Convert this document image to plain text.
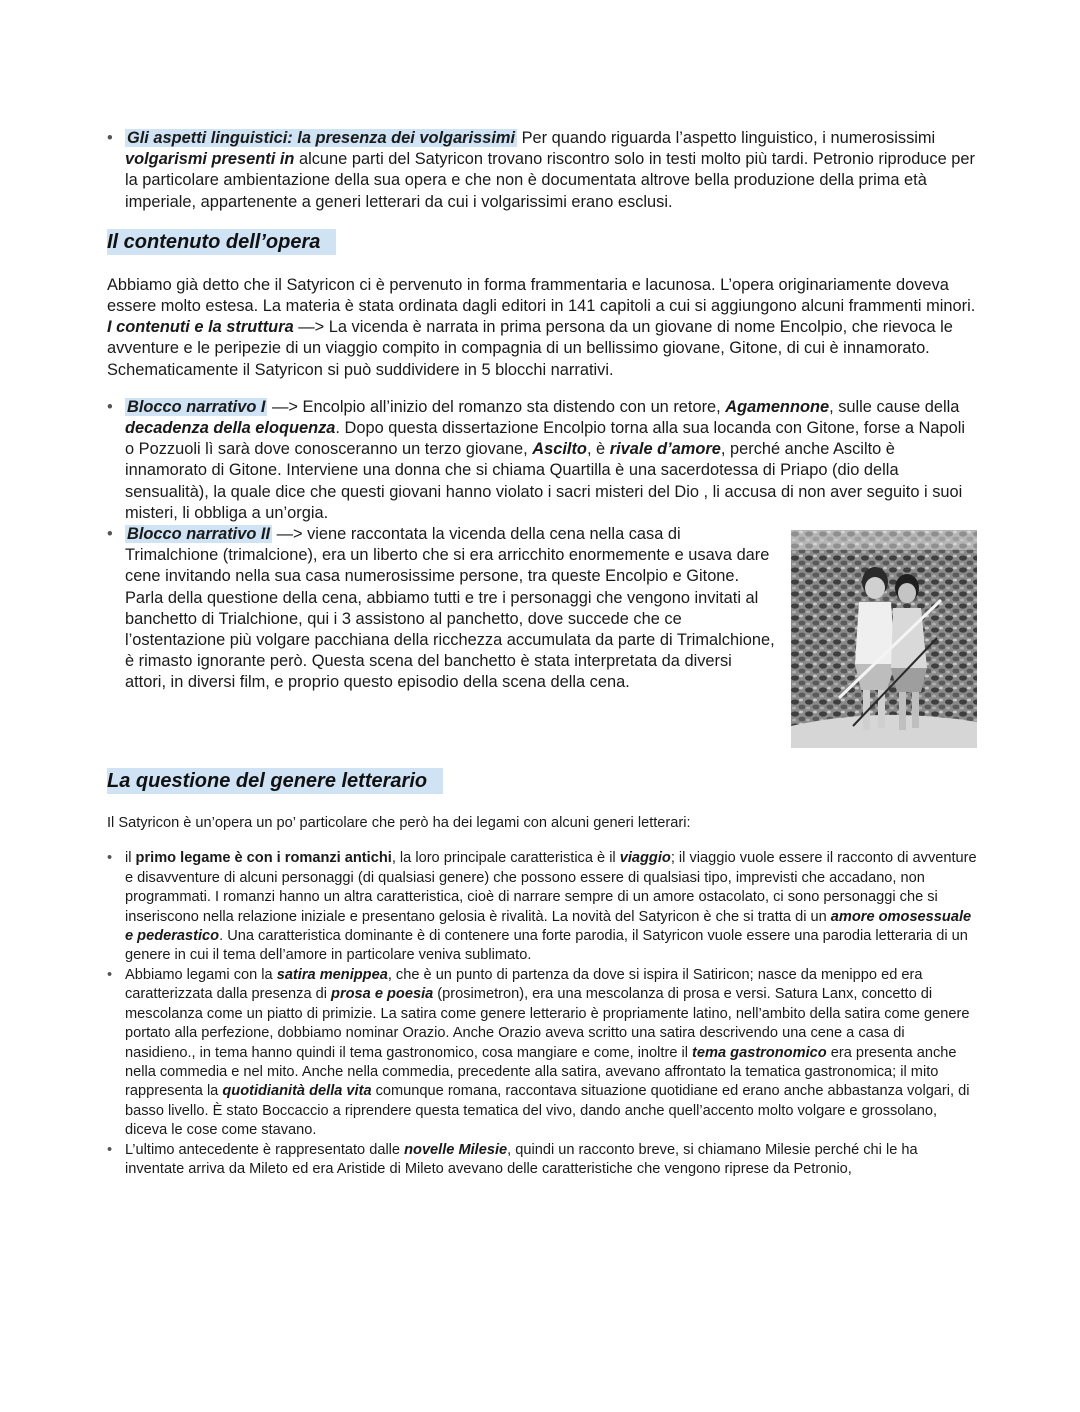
• Gli aspetti linguistici: la presenza dei volgarissimi Per quando riguarda l’aspetto linguistico, i numerosissimi volgarismi presenti in alcune parti del Satyricon trovano riscontro solo in testi molto più tardi. Petronio riproduce per la particolare ambientazione della sua opera e che non è documentata altrove bella produzione della prima età imperiale, appartenente a generi letterari da cui i volgarissimi erano esclusi.
Il contenuto dell’opera

Abbiamo già detto che il Satyricon ci è pervenuto in forma frammentaria e lacunosa. L’opera originariamente doveva essere molto estesa. La materia è stata ordinata dagli editori in 141 capitoli a cui si aggiungono alcuni frammenti minori.

I contenuti e la struttura —> La vicenda è narrata in prima persona da un giovane di nome Encolpio, che rievoca le avventure e le peripezie di un viaggio compito in compagnia di un bellissimo giovane, Gitone, di cui è innamorato.

Schematicamente il Satyricon si può suddividere in 5 blocchi narrativi.

• Blocco narrativo I —> Encolpio all’inizio del romanzo sta distendo con un retore, Agamennone, sulle cause della decadenza della eloquenza. Dopo questa dissertazione Encolpio torna alla sua locanda con Gitone, forse a Napoli o Pozzuoli lì sarà dove conosceranno un terzo giovane, Ascilto, è rivale d’amore, perché anche Ascilto è innamorato di Gitone. Interviene una donna che si chiama Quartilla è una sacerdotessa di Priapo (dio della sensualità), la quale dice che questi giovani hanno violato i sacri misteri del Dio , li accusa di non aver seguito i suoi misteri, li obbliga a un’orgia.
• Blocco narrativo II —> viene raccontata la vicenda della cena nella casa di Trimalchione (trimalcione), era un liberto che si era arricchito enormemente e usava dare cene invitando nella sua casa numerosissime persone, tra queste Encolpio e Gitone. Parla della questione della cena, abbiamo tutti e tre i personaggi che vengono invitati al banchetto di Trialchione, qui i 3 assistono al panchetto, dove succede che ce l’ostentazione più volgare pacchiana della ricchezza accumulata da parte di Trimalchione, è rimasto ignorante però. Questa scena del banchetto è stata interpretata da diversi attori, in diversi film, e proprio questo episodio della scena della cena.
La questione del genere letterario

Il Satyricon è un’opera un po’ particolare che però ha dei legami con alcuni generi letterari:

• il primo legame è con i romanzi antichi, la loro principale caratteristica è il viaggio; il viaggio vuole essere il racconto di avventure e disavventure di alcuni personaggi (di qualsiasi genere) che possono essere di qualsiasi tipo, imprevisti che accadano, non programmati. I romanzi hanno un altra caratteristica, cioè di narrare sempre di un amore ostacolato, ci sono personaggi che si inseriscono nella relazione iniziale e presentano gelosia è rivalità. La novità del Satyricon è che si tratta di un amore omosessuale e pederastico. Una caratteristica dominante è di contenere una forte parodia, il Satyricon vuole essere una parodia letteraria di un genere in cui il tema dell’amore in particolare veniva sublimato.
• Abbiamo legami con la satira menippea, che è un punto di partenza da dove si ispira il Satiricon; nasce da menippo ed era caratterizzata dalla presenza di prosa e poesia (prosimetron), era una mescolanza di prosa e versi. Satura Lanx, concetto di mescolanza come un piatto di primizie. La satira come genere letterario è propriamente latino, nell’ambito della satira come genere portato alla perfezione, dobbiamo nominar Orazio. Anche Orazio aveva scritto una satira descrivendo una cene a casa di nasidieno., in tema hanno quindi il tema gastronomico, cosa mangiare e come, inoltre il tema gastronomico era presenta anche nella commedia e nel mito. Anche nella commedia, precedente alla satira, avevano affrontato la tematica gastronomica; il mito rappresenta la quotidianità della vita comunque romana, raccontava situazione quotidiane ed erano anche abbastanza volgari, di basso livello. È stato Boccaccio a riprendere questa tematica del vivo, dando anche quell’accento molto volgare e grossolano, diceva le cose come stavano.
• L’ultimo antecedente è rappresentato dalle novelle Milesie, quindi un racconto breve, si chiamano Milesie perché chi le ha inventate arriva da Mileto ed era Aristide di Mileto avevano delle caratteristiche che vengono riprese da Petronio,
